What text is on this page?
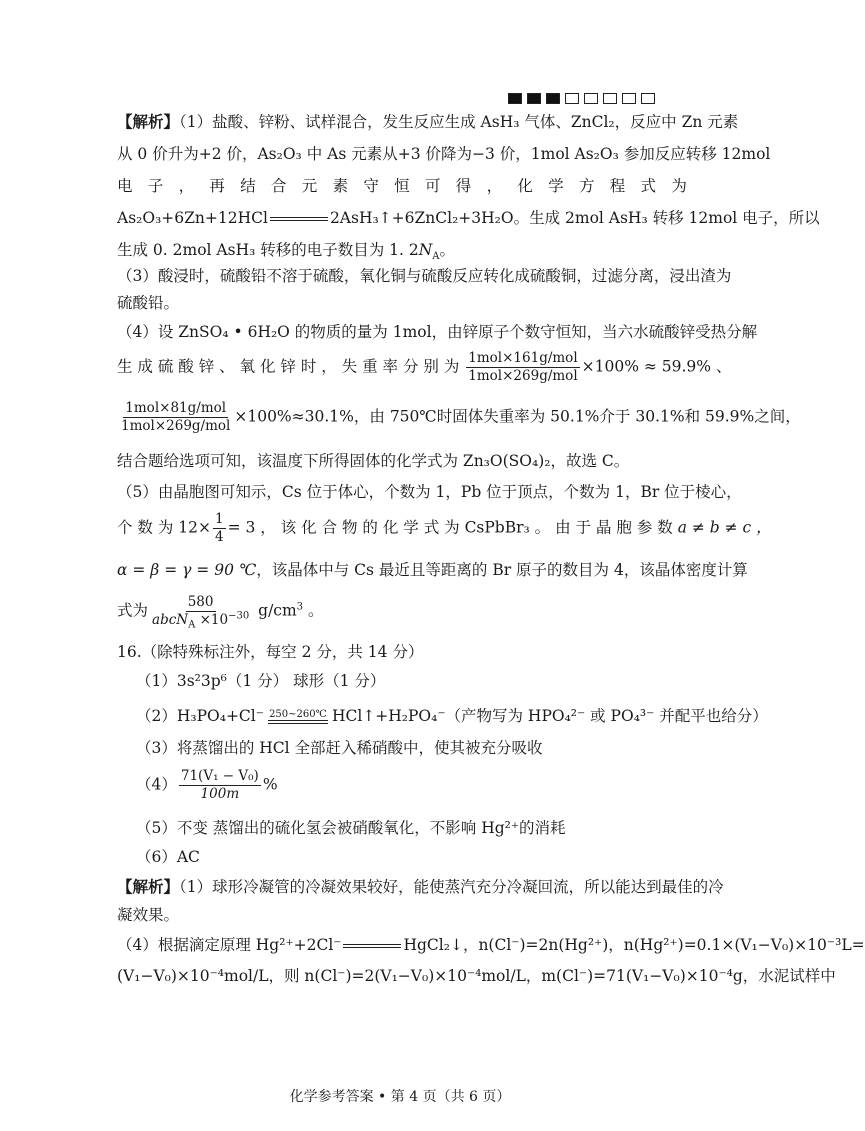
【解析】（1）盐酸、锌粉、试样混合，发生反应生成 AsH₃ 气体、ZnCl₂，反应中 Zn 元素
从 0 价升为+2 价，As₂O₃ 中 As 元素从+3 价降为−3 价，1mol As₂O₃ 参加反应转移 12mol
电 子 ， 再 结 合 元 素 守 恒 可 得 ， 化 学 方 程 式 为
As₂O₃+6Zn+12HCl	2AsH₃↑+6ZnCl₂+3H₂O。生成 2mol AsH₃ 转移 12mol 电子，所以
生成 0. 2mol AsH₃ 转移的电子数目为 1. $2N_A$。
（3）酸浸时，硫酸铅不溶于硫酸，氧化铜与硫酸反应转化成硫酸铜，过滤分离，浸出渣为
硫酸铅。
（4）设 ZnSO₄ • 6H₂O 的物质的量为 1mol，由锌原子个数守恒知，当六水硫酸锌受热分解
生 成 硫 酸 锌 、 氧 化 锌 时 ， 失 重 率 分 别 为 $\frac{\text{1mol×161g/mol}}{\text{1mol×269g/mol}} \times 100\% \approx 59.9\%$ 、
$\frac{\text{1mol×81g/mol}}{\text{1mol×269g/mol}} \times 100\%\approx 30.1\%$，由 750℃时固体失重率为 50.1%介于 30.1%和 59.9%之间，
结合题给选项可知，该温度下所得固体的化学式为 Zn₃O(SO₄)₂，故选 C。
（5）由晶胞图可知示，Cs 位于体心，个数为 1，Pb 位于顶点，个数为 1，Br 位于棱心，
个 数 为 $12\times \frac{1}{4} = 3$ ， 该 化 合 物 的 化 学 式 为 CsPbBr₃ 。 由 于 晶 胞 参 数 a ≠ b ≠ c ，
α = β = γ = 90 ℃，该晶体中与 Cs 最近且等距离的 Br 原子的数目为 4，该晶体密度计算
式为 $\frac{580}{abcN_A \times 10^{-30}} g/cm^3$ 。
16.（除特殊标注外，每空 2 分，共 14 分）
（1）3s²3p⁶（1 分） 球形（1 分）
（2）H₃PO₄+Cl⁻ 250~260℃ HCl↑+H₂PO₄⁻（产物写为 HPO₄²⁻ 或 PO₄³⁻ 并配平也给分）
（3）将蒸馏出的 HCl 全部赶入稀硝酸中，使其被充分吸收
$(4) \frac{\text{71(V₁ − V₀)}}{100m}$ %
（5）不变 蒸馏出的硫化氢会被硝酸氧化，不影响 Hg²⁺的消耗
（6）AC
【解析】（1）球形冷凝管的冷凝效果较好，能使蒸汽充分冷凝回流，所以能达到最佳的冷
凝效果。
（4）根据滴定原理 Hg²⁺+2Cl⁻	HgCl₂↓，n(Cl⁻)=2n(Hg²⁺)，n(Hg²⁺)=0.1×(V₁−V₀)×10⁻³L=
(V₁−V₀)×10⁻⁴mol/L，则 n(Cl⁻)=2(V₁−V₀)×10⁻⁴mol/L，m(Cl⁻)=71(V₁−V₀)×10⁻⁴g，水泥试样中
化学参考答案 • 第 4 页（共 6 页）
